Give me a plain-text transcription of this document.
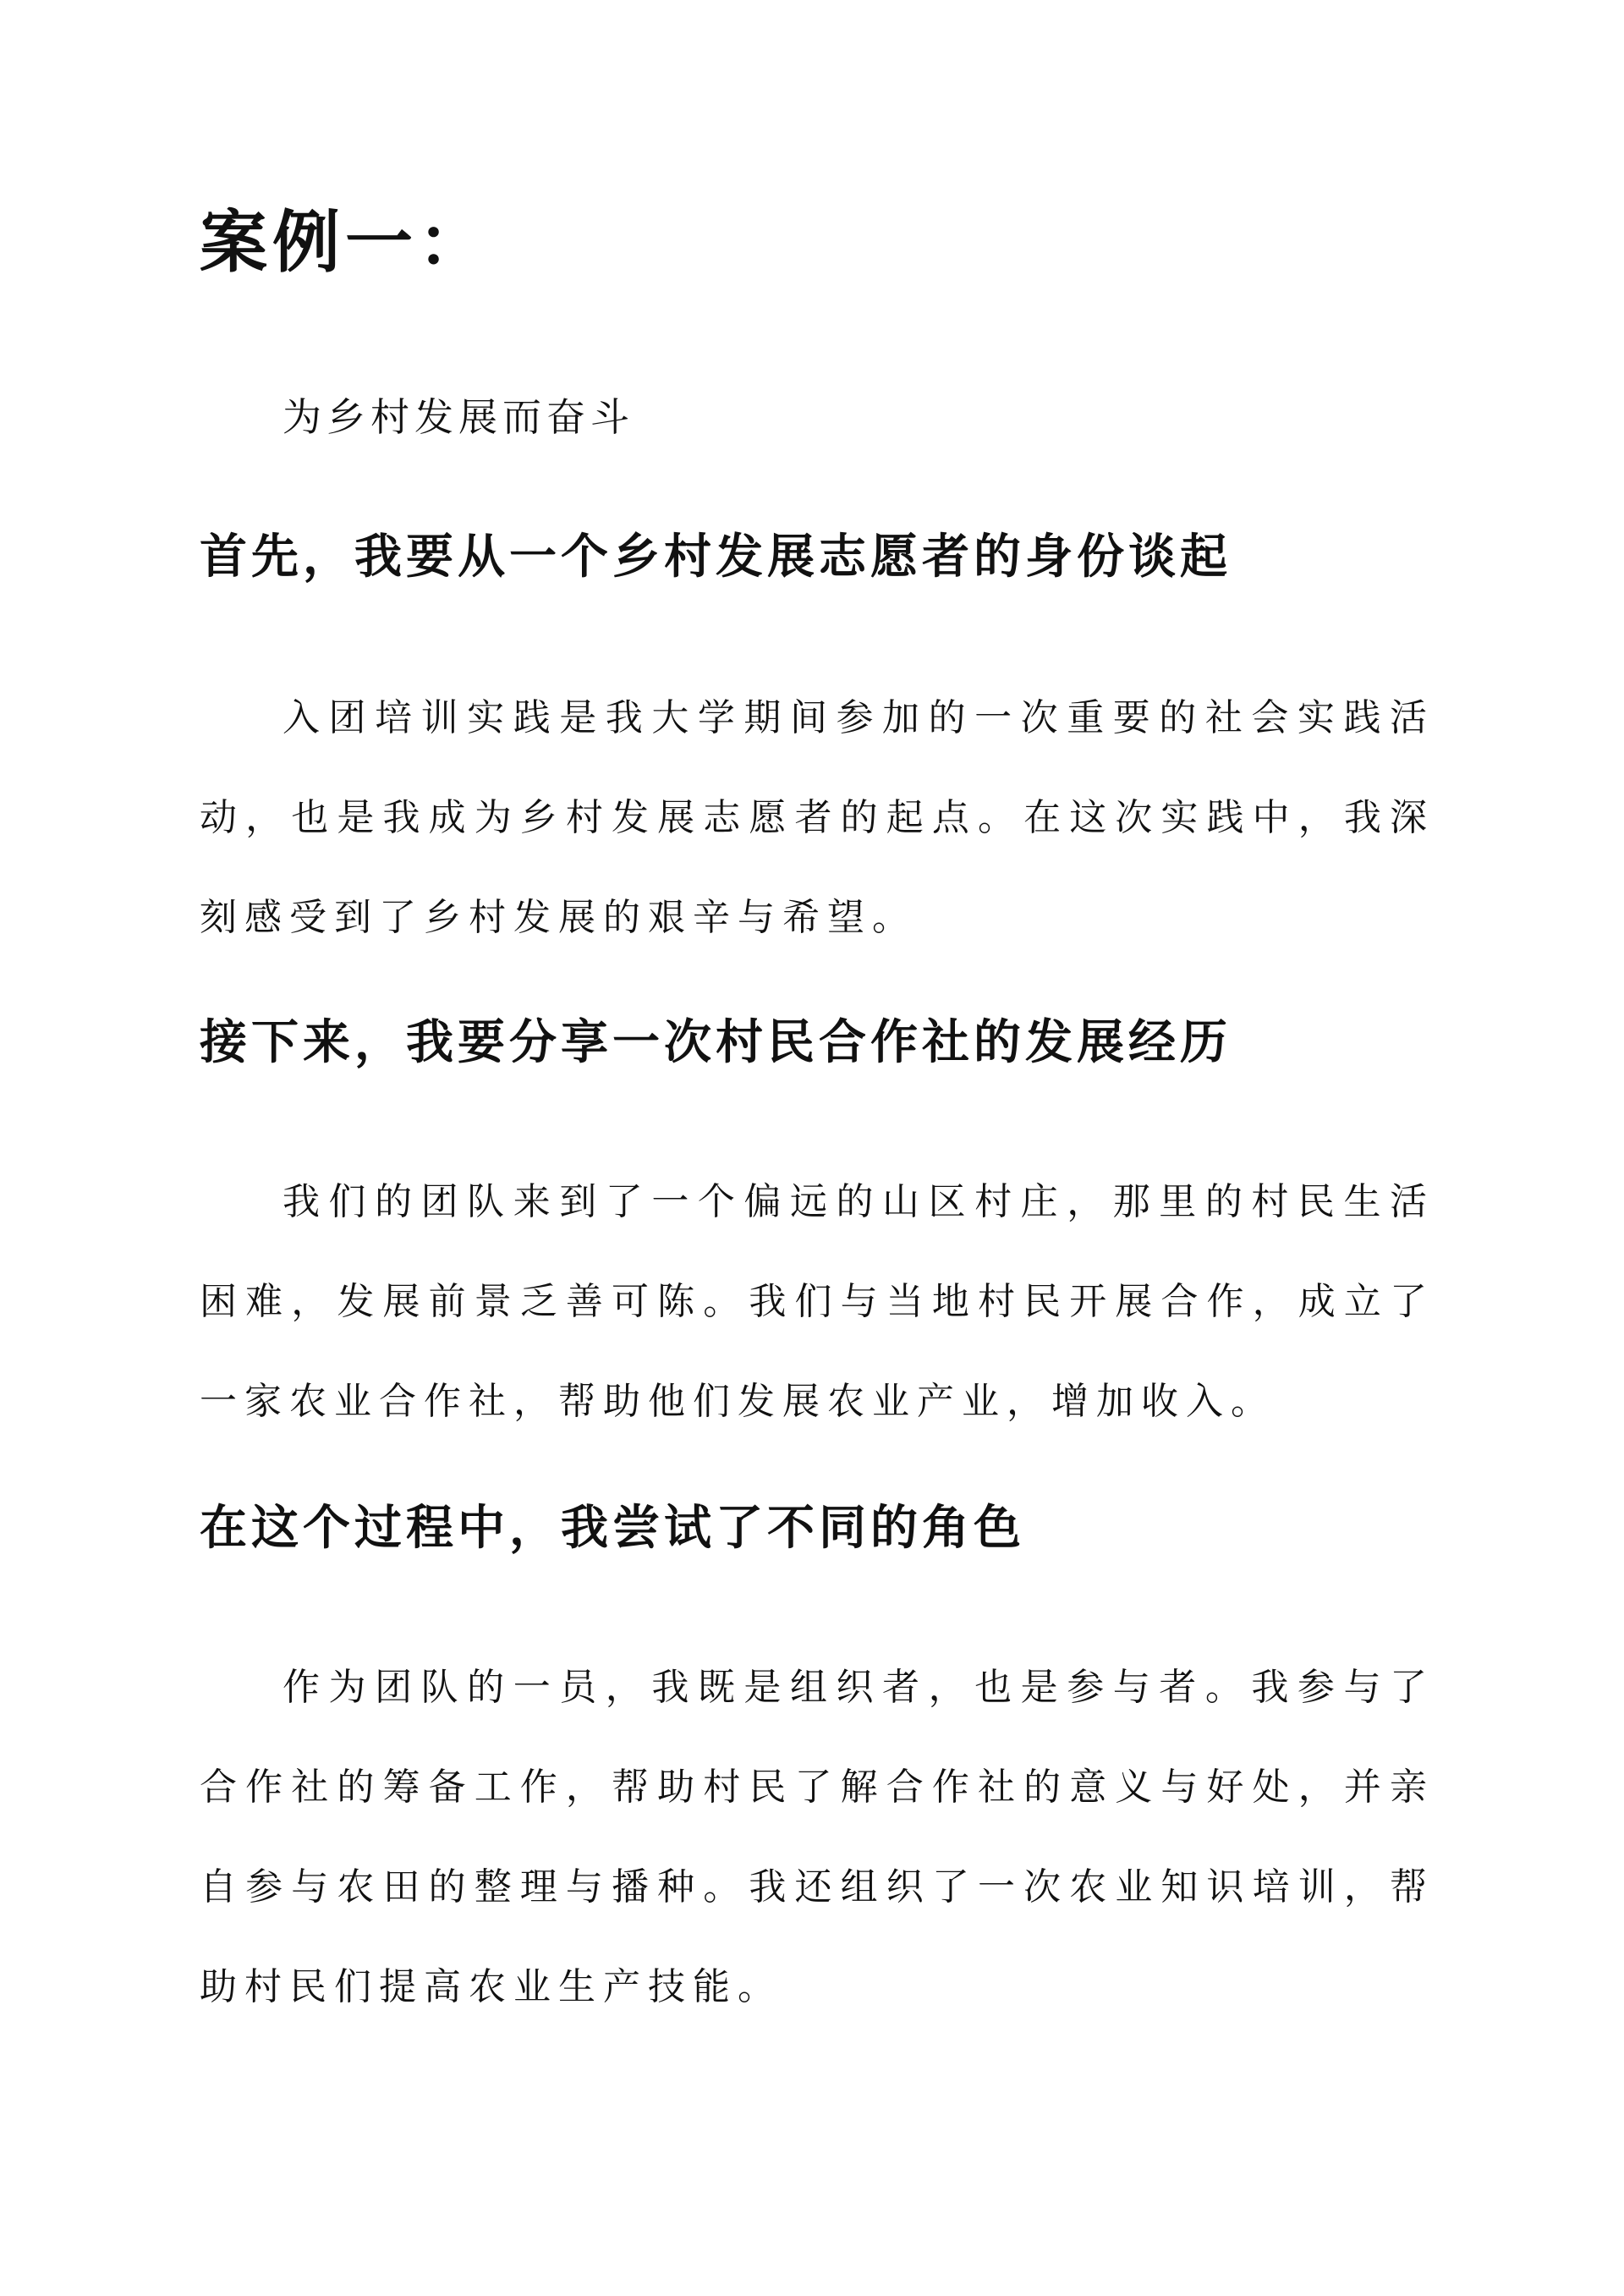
案例一：
为乡村发展而奋斗
首先，我要从一个乡村发展志愿者的身份谈起
入团培训实践是我大学期间参加的一次重要的社会实践活动，也是我成为乡村发展志愿者的起点。在这次实践中，我深刻感受到了乡村发展的艰辛与希望。
接下来，我要分享一次村民合作社的发展经历
我们的团队来到了一个偏远的山区村庄，那里的村民生活困难，发展前景乏善可陈。我们与当地村民开展合作，成立了一家农业合作社，帮助他们发展农业产业，增加收入。
在这个过程中，我尝试了不同的角色
作为团队的一员，我既是组织者，也是参与者。我参与了合作社的筹备工作，帮助村民了解合作社的意义与好处，并亲自参与农田的整理与播种。我还组织了一次农业知识培训，帮助村民们提高农业生产技能。
